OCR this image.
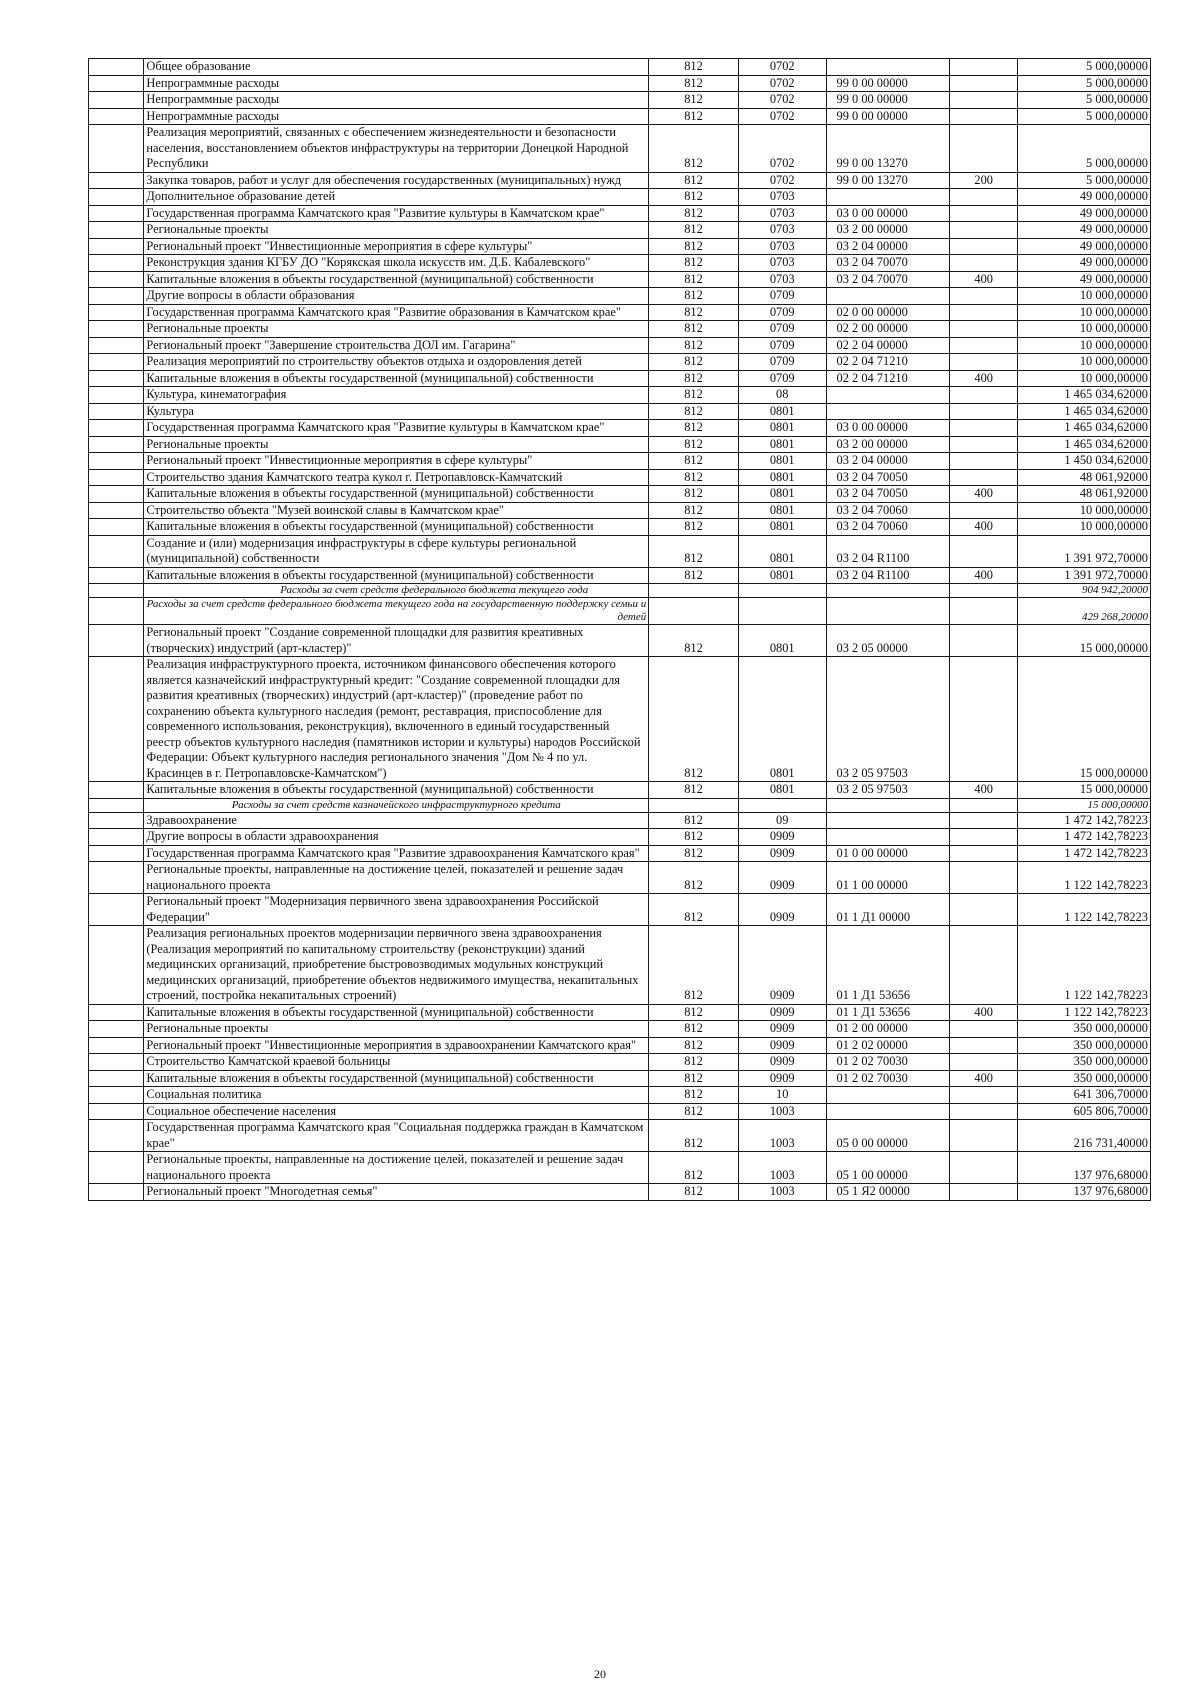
	Общее образование	812	0702			5 000,00000
	Непрограммные расходы	812	0702	99 0 00 00000		5 000,00000
	Непрограммные расходы	812	0702	99 0 00 00000		5 000,00000
	Непрограммные расходы	812	0702	99 0 00 00000		5 000,00000
	Реализация мероприятий, связанных с обеспечением жизнедеятельности и безопасности населения, восстановлением объектов инфраструктуры на территории Донецкой Народной Республики	812	0702	99 0 00 13270		5 000,00000
	Закупка товаров, работ и услуг для обеспечения государственных (муниципальных) нужд	812	0702	99 0 00 13270	200	5 000,00000
	Дополнительное образование детей	812	0703			49 000,00000
	Государственная программа Камчатского края "Развитие культуры в Камчатском крае"	812	0703	03 0 00 00000		49 000,00000
	Региональные проекты	812	0703	03 2 00 00000		49 000,00000
	Региональный проект "Инвестиционные мероприятия в сфере культуры"	812	0703	03 2 04 00000		49 000,00000
	Реконструкция здания КГБУ ДО "Корякская школа искусств им. Д.Б. Кабалевского"	812	0703	03 2 04 70070		49 000,00000
	Капитальные вложения в объекты государственной (муниципальной) собственности	812	0703	03 2 04 70070	400	49 000,00000
	Другие вопросы в области образования	812	0709			10 000,00000
	Государственная программа Камчатского края "Развитие образования в Камчатском крае"	812	0709	02 0 00 00000		10 000,00000
	Региональные проекты	812	0709	02 2 00 00000		10 000,00000
	Региональный проект "Завершение строительства ДОЛ им. Гагарина"	812	0709	02 2 04 00000		10 000,00000
	Реализация мероприятий по строительству объектов отдыха и оздоровления детей	812	0709	02 2 04 71210		10 000,00000
	Капитальные вложения в объекты государственной (муниципальной) собственности	812	0709	02 2 04 71210	400	10 000,00000
	Культура, кинематография	812	08			1 465 034,62000
	Культура	812	0801			1 465 034,62000
	Государственная программа Камчатского края "Развитие культуры в Камчатском крае"	812	0801	03 0 00 00000		1 465 034,62000
	Региональные проекты	812	0801	03 2 00 00000		1 465 034,62000
	Региональный проект "Инвестиционные мероприятия в сфере культуры"	812	0801	03 2 04 00000		1 450 034,62000
	Строительство здания Камчатского театра кукол г. Петропавловск-Камчатский	812	0801	03 2 04 70050		48 061,92000
	Капитальные вложения в объекты государственной (муниципальной) собственности	812	0801	03 2 04 70050	400	48 061,92000
	Строительство объекта "Музей воинской славы в Камчатском крае"	812	0801	03 2 04 70060		10 000,00000
	Капитальные вложения в объекты государственной (муниципальной) собственности	812	0801	03 2 04 70060	400	10 000,00000
	Создание и (или) модернизация инфраструктуры в сфере культуры региональной (муниципальной) собственности	812	0801	03 2 04 R1100		1 391 972,70000
	Капитальные вложения в объекты государственной (муниципальной) собственности	812	0801	03 2 04 R1100	400	1 391 972,70000
	Расходы за счет средств федерального бюджета текущего года					904 942,20000
	Расходы за счет средств федерального бюджета текущего года на государственную поддержку семьи и детей					429 268,20000
	Региональный проект "Создание современной площадки для развития креативных (творческих) индустрий (арт-кластер)"	812	0801	03 2 05 00000		15 000,00000
	Реализация инфраструктурного проекта, источником финансового обеспечения которого является казначейский инфраструктурный кредит: "Создание современной площадки для развития креативных (творческих) индустрий (арт-кластер)" (проведение работ по сохранению объекта культурного наследия (ремонт, реставрация, приспособление для современного использования, реконструкция), включенного в единый государственный реестр объектов культурного наследия (памятников истории и культуры) народов Российской Федерации: Объект культурного наследия регионального значения "Дом № 4 по ул. Красинцев в г. Петропавловске-Камчатском")	812	0801	03 2 05 97503		15 000,00000
	Капитальные вложения в объекты государственной (муниципальной) собственности	812	0801	03 2 05 97503	400	15 000,00000
	Расходы за счет средств казначейского инфраструктурного кредита					15 000,00000
	Здравоохранение	812	09			1 472 142,78223
	Другие вопросы в области здравоохранения	812	0909			1 472 142,78223
	Государственная программа Камчатского края "Развитие здравоохранения Камчатского края"	812	0909	01 0 00 00000		1 472 142,78223
	Региональные проекты, направленные на достижение целей, показателей и решение задач национального проекта	812	0909	01 1 00 00000		1 122 142,78223
	Региональный проект "Модернизация первичного звена здравоохранения Российской Федерации"	812	0909	01 1 Д1 00000		1 122 142,78223
	Реализация региональных проектов модернизации первичного звена здравоохранения (Реализация мероприятий по капитальному строительству (реконструкции) зданий медицинских организаций, приобретение быстровозводимых модульных конструкций медицинских организаций, приобретение объектов недвижимого имущества, некапитальных строений, постройка некапитальных строений)	812	0909	01 1 Д1 53656		1 122 142,78223
	Капитальные вложения в объекты государственной (муниципальной) собственности	812	0909	01 1 Д1 53656	400	1 122 142,78223
	Региональные проекты	812	0909	01 2 00 00000		350 000,00000
	Региональный проект "Инвестиционные мероприятия в здравоохранении Камчатского края"	812	0909	01 2 02 00000		350 000,00000
	Строительство Камчатской краевой больницы	812	0909	01 2 02 70030		350 000,00000
	Капитальные вложения в объекты государственной (муниципальной) собственности	812	0909	01 2 02 70030	400	350 000,00000
	Социальная политика	812	10			641 306,70000
	Социальное обеспечение населения	812	1003			605 806,70000
	Государственная программа Камчатского края "Социальная поддержка граждан в Камчатском крае"	812	1003	05 0 00 00000		216 731,40000
	Региональные проекты, направленные на достижение целей, показателей и решение задач национального проекта	812	1003	05 1 00 00000		137 976,68000
	Региональный проект "Многодетная семья"	812	1003	05 1 Я2 00000		137 976,68000
20
